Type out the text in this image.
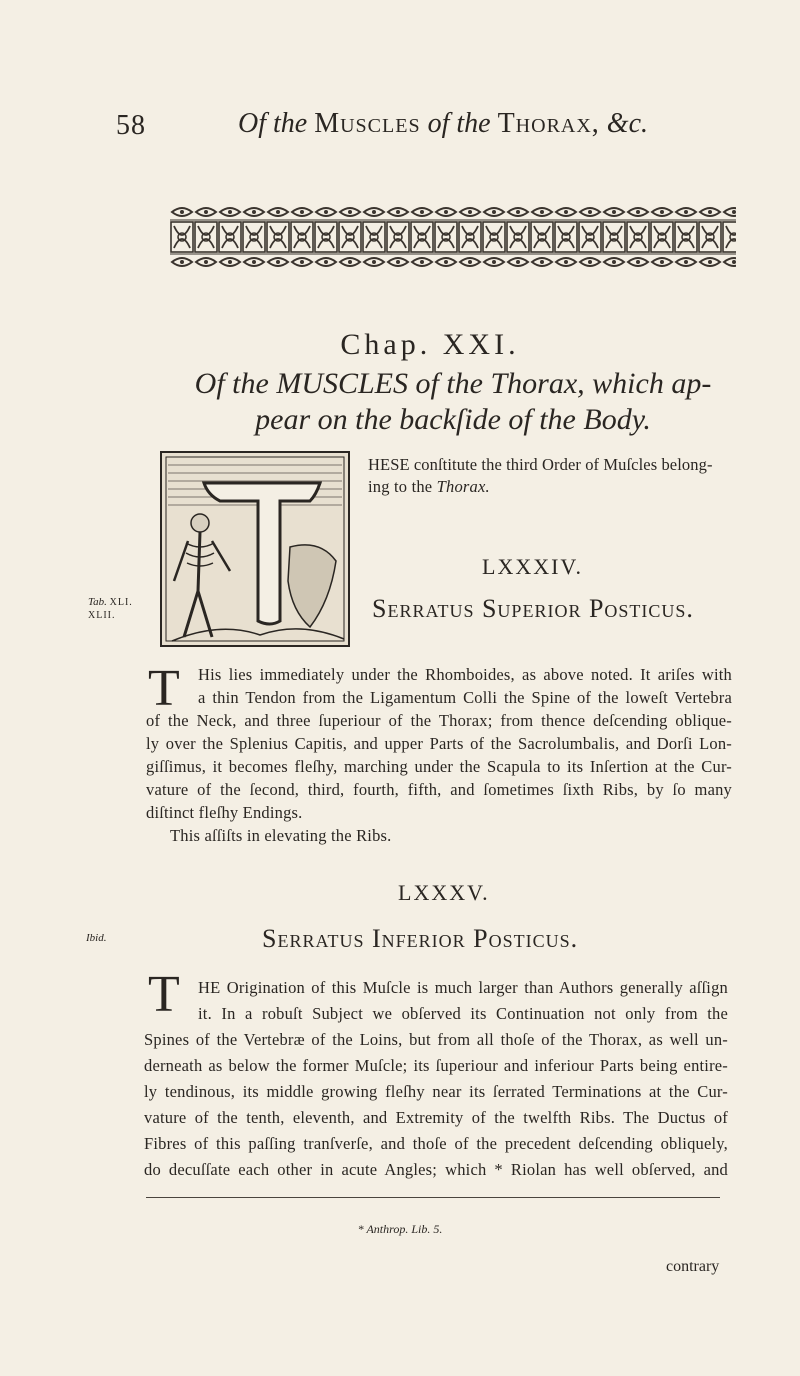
58	Of the Muscles of the Thorax, &c.
Chap. XXI.
Of the MUSCLES of the Thorax, which ap-
pear on the backſide of the Body.
HESE conſtitute the third Order of Muſcles belong-
ing to the Thorax.
LXXXIV.
Serratus Superior Posticus.
Tab. XLI.
XLII.
T His lies immediately under the Rhomboides, as above noted. It ariſes with
a thin Tendon from the Ligamentum Colli the Spine of the loweſt Vertebra
of the Neck, and three ſuperiour of the Thorax; from thence deſcending oblique-
ly over the Splenius Capitis, and upper Parts of the Sacrolumbalis, and Dorſi Lon-
giſſimus, it becomes fleſhy, marching under the Scapula to its Inſertion at the Cur-
vature of the ſecond, third, fourth, fifth, and ſometimes ſixth Ribs, by ſo many
diſtinct fleſhy Endings.
This aſſiſts in elevating the Ribs.
LXXXV.
Ibid.	Serratus Inferior Posticus.
T HE Origination of this Muſcle is much larger than Authors generally aſſign
it. In a robuſt Subject we obſerved its Continuation not only from the
Spines of the Vertebræ of the Loins, but from all thoſe of the Thorax, as well un-
derneath as below the former Muſcle; its ſuperiour and inferiour Parts being entire-
ly tendinous, its middle growing fleſhy near its ſerrated Terminations at the Cur-
vature of the tenth, eleventh, and Extremity of the twelfth Ribs. The Ductus of
Fibres of this paſſing tranſverſe, and thoſe of the precedent deſcending obliquely,
do decuſſate each other in acute Angles; which * Riolan has well obſerved, and
* Anthrop. Lib. 5.
contrary
